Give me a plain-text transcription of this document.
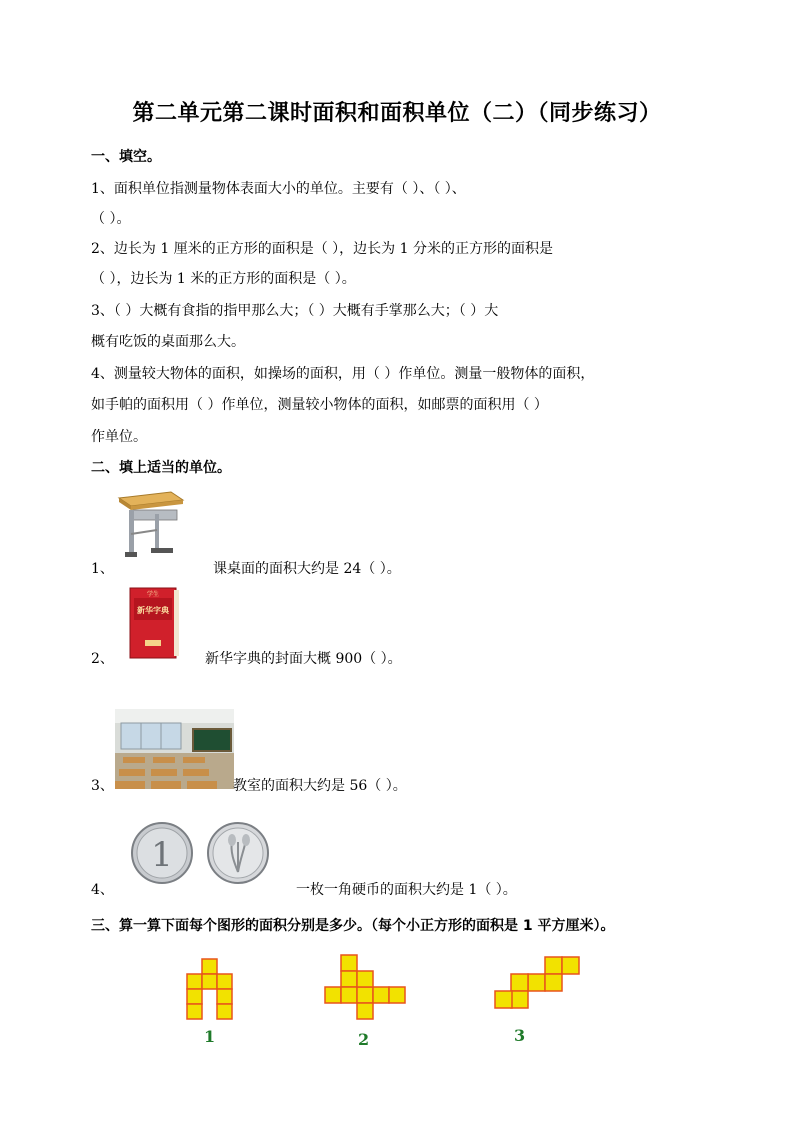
第二单元第二课时面积和面积单位（二）（同步练习）
一、填空。
1、面积单位指测量物体表面大小的单位。主要有（ ）、（ ）、
（ ）。
2、边长为 1 厘米的正方形的面积是（ ），边长为 1 分米的正方形的面积是
（ ），边长为 1 米的正方形的面积是（ ）。
3、（ ）大概有食指的指甲那么大；（ ）大概有手掌那么大；（ ）大
概有吃饭的桌面那么大。
4、测量较大物体的面积，如操场的面积，用（ ）作单位。测量一般物体的面积，
如手帕的面积用（ ）作单位，测量较小物体的面积，如邮票的面积用（ ）
作单位。
二、填上适当的单位。
1、	课桌面的面积大约是 24（ ）。
学生
新华字典
2、	新华字典的封面大概 900（ ）。
3、	教室的面积大约是 56（ ）。
1
4、	一枚一角硬币的面积大约是 1（ ）。
三、算一算下面每个图形的面积分别是多少。（每个小正方形的面积是 1 平方厘米）。
1	2	3
